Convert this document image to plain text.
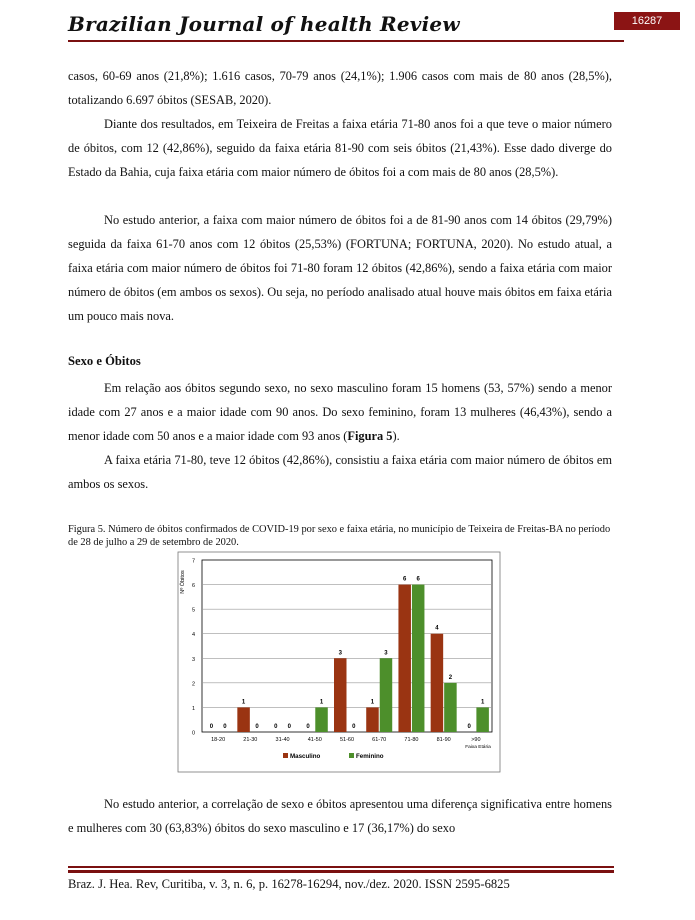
Brazilian Journal of health Review	16287

casos, 60-69 anos (21,8%); 1.616 casos, 70-79 anos (24,1%); 1.906 casos com mais de 80 anos (28,5%), totalizando 6.697 óbitos (SESAB, 2020).

Diante dos resultados, em Teixeira de Freitas a faixa etária 71-80 anos foi a que teve o maior número de óbitos, com 12 (42,86%), seguido da faixa etária 81-90 com seis óbitos (21,43%). Esse dado diverge do Estado da Bahia, cuja faixa etária com maior número de óbitos foi a com mais de 80 anos (28,5%).

No estudo anterior, a faixa com maior número de óbitos foi a de 81-90 anos com 14 óbitos (29,79%) seguida da faixa 61-70 anos com 12 óbitos (25,53%) (FORTUNA; FORTUNA, 2020). No estudo atual, a faixa etária com maior número de óbitos foi 71-80 foram 12 óbitos (42,86%), sendo a faixa etária com maior número de óbitos (em ambos os sexos). Ou seja, no período analisado atual houve mais óbitos em faixa etária um pouco mais nova.

Sexo e Óbitos

Em relação aos óbitos segundo sexo, no sexo masculino foram 15 homens (53, 57%) sendo a menor idade com 27 anos e a maior idade com 90 anos. Do sexo feminino, foram 13 mulheres (46,43%), sendo a menor idade com 50 anos e a maior idade com 93 anos (Figura 5).

A faixa etária 71-80, teve 12 óbitos (42,86%), consistiu a faixa etária com maior número de óbitos em ambos os sexos.

Figura 5. Número de óbitos confirmados de COVID-19 por sexo e faixa etária, no município de Teixeira de Freitas-BA no período de 28 de julho a 29 de setembro de 2020.
0
1
2
3
4
5
6
7
Nº Óbitos
18-20
0 0
21-30
1
0
31-40
0 0
41-50
0
1
51-60
3
0
61-70
1
3
71-80
6 6
81-90
4
2
>90
0
1
Faixa Etária
Masculino	Feminino

No estudo anterior, a correlação de sexo e óbitos apresentou uma diferença significativa entre homens e mulheres com 30 (63,83%) óbitos do sexo masculino e 17 (36,17%) do sexo

Braz. J. Hea. Rev, Curitiba, v. 3, n. 6, p. 16278-16294, nov./dez. 2020. ISSN 2595-6825
